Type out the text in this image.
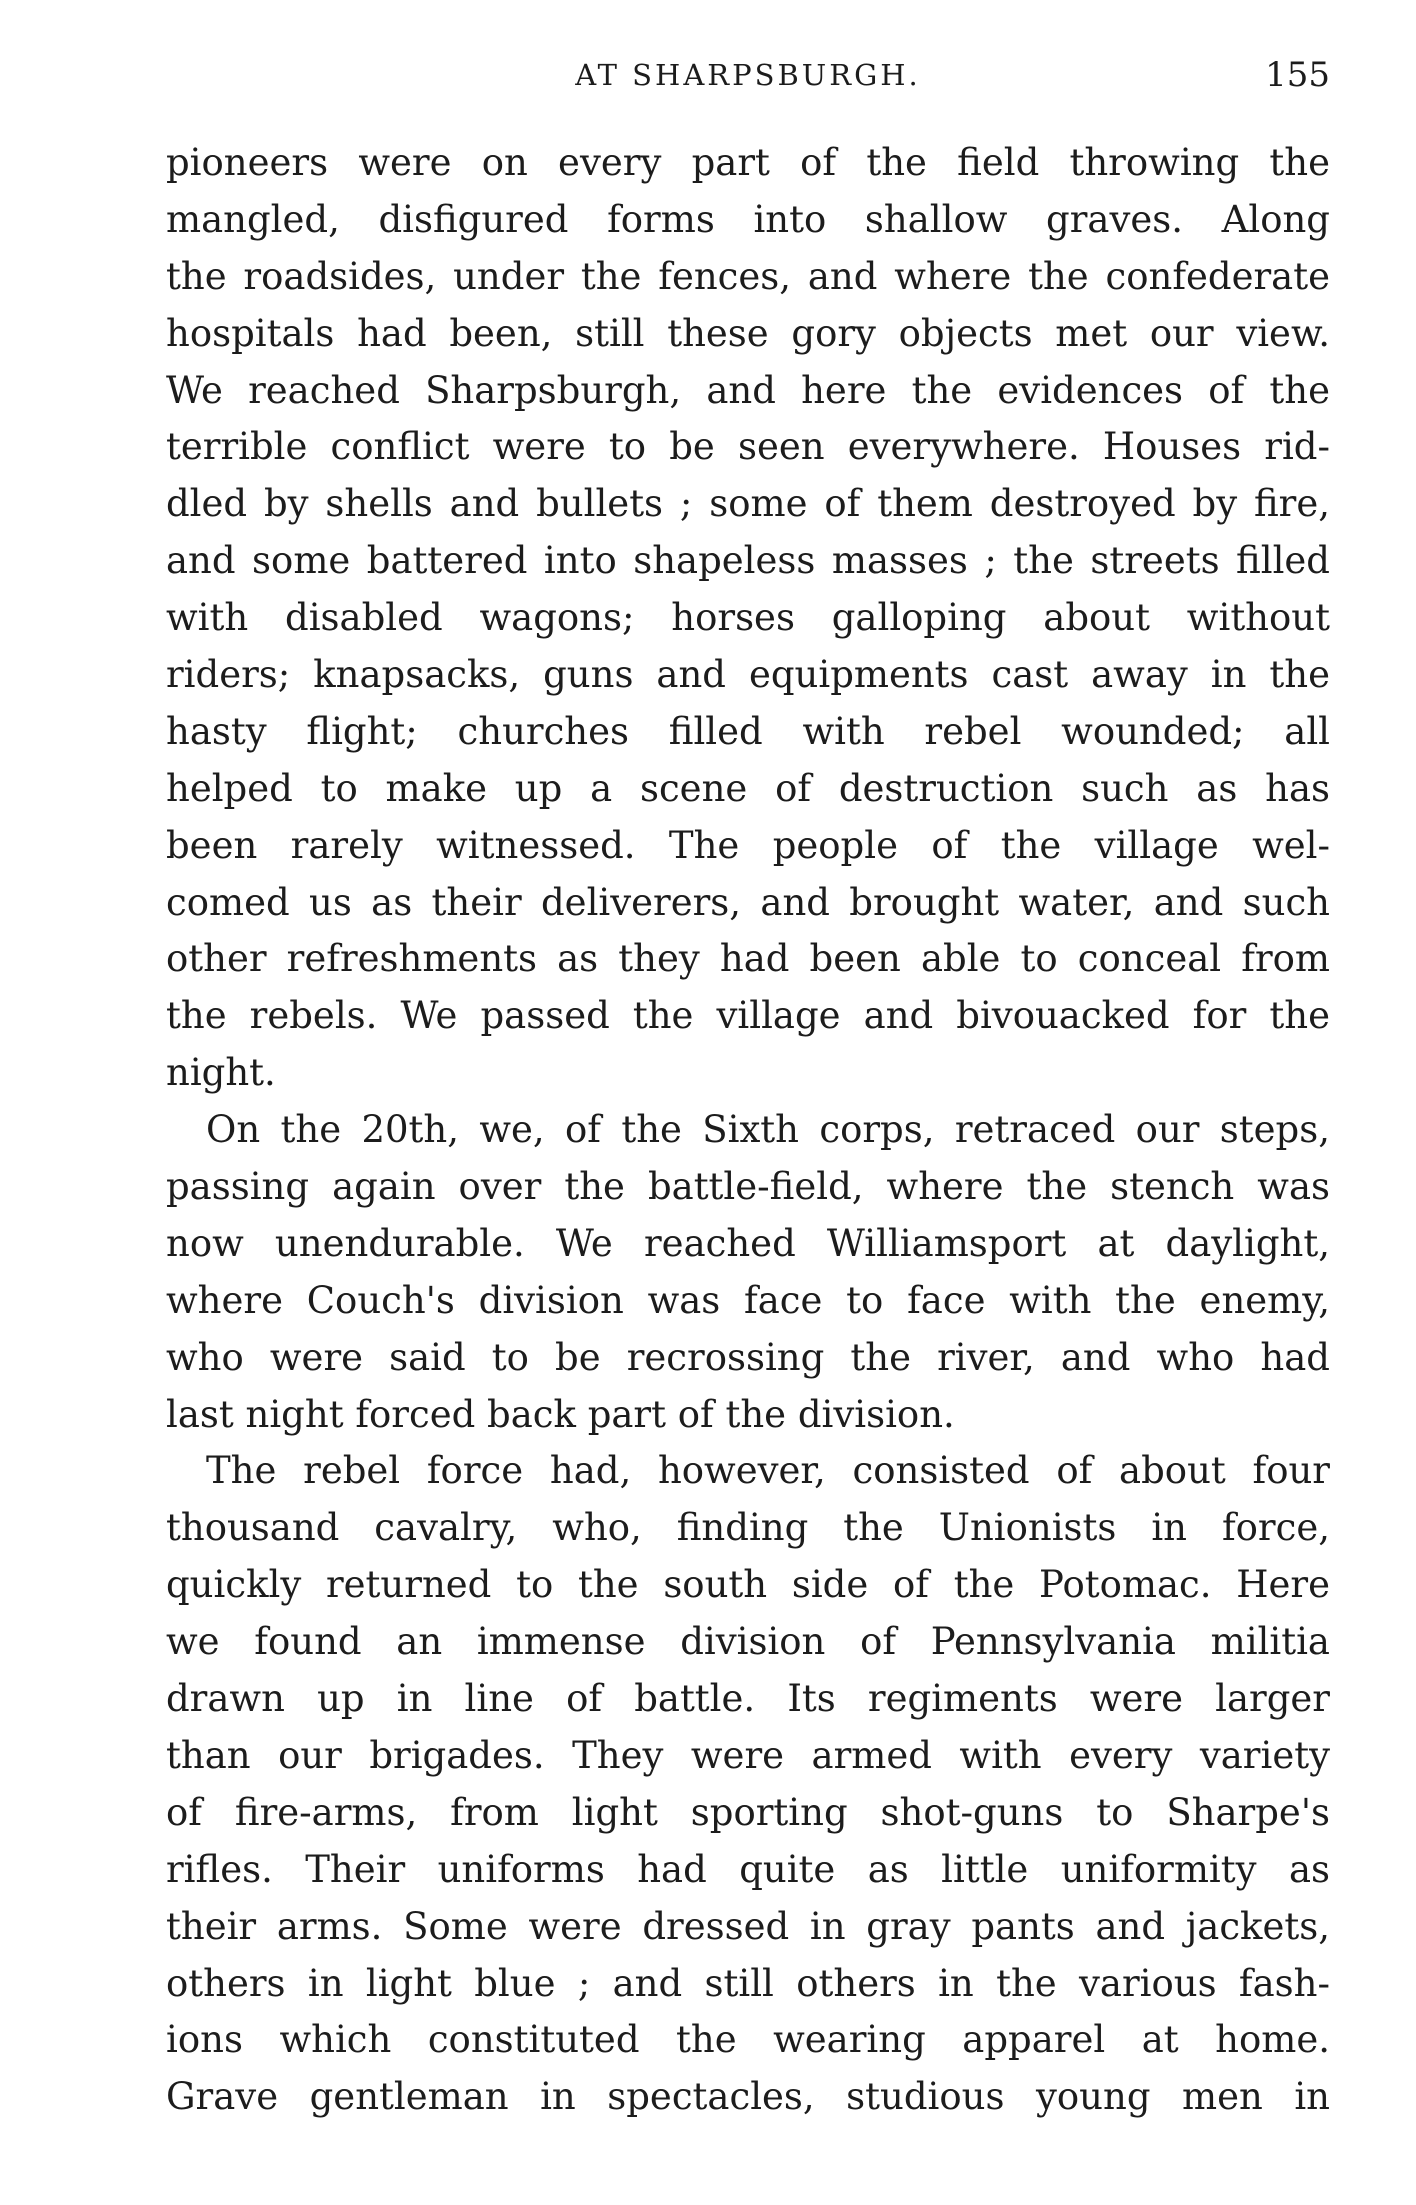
AT SHARPSBURGH.	155
pioneers were on every part of the field throwing the
mangled, disfigured forms into shallow graves. Along
the roadsides, under the fences, and where the confederate
hospitals had been, still these gory objects met our view.
We reached Sharpsburgh, and here the evidences of the
terrible conflict were to be seen everywhere. Houses rid-
dled by shells and bullets ; some of them destroyed by fire,
and some battered into shapeless masses ; the streets filled
with disabled wagons; horses galloping about without
riders; knapsacks, guns and equipments cast away in the
hasty flight; churches filled with rebel wounded; all
helped to make up a scene of destruction such as has
been rarely witnessed. The people of the village wel-
comed us as their deliverers, and brought water, and such
other refreshments as they had been able to conceal from
the rebels. We passed the village and bivouacked for the
night.
On the 20th, we, of the Sixth corps, retraced our steps,
passing again over the battle-field, where the stench was
now unendurable. We reached Williamsport at daylight,
where Couch's division was face to face with the enemy,
who were said to be recrossing the river, and who had
last night forced back part of the division.
The rebel force had, however, consisted of about four
thousand cavalry, who, finding the Unionists in force,
quickly returned to the south side of the Potomac. Here
we found an immense division of Pennsylvania militia
drawn up in line of battle. Its regiments were larger
than our brigades. They were armed with every variety
of fire-arms, from light sporting shot-guns to Sharpe's
rifles. Their uniforms had quite as little uniformity as
their arms. Some were dressed in gray pants and jackets,
others in light blue ; and still others in the various fash-
ions which constituted the wearing apparel at home.
Grave gentleman in spectacles, studious young men in
